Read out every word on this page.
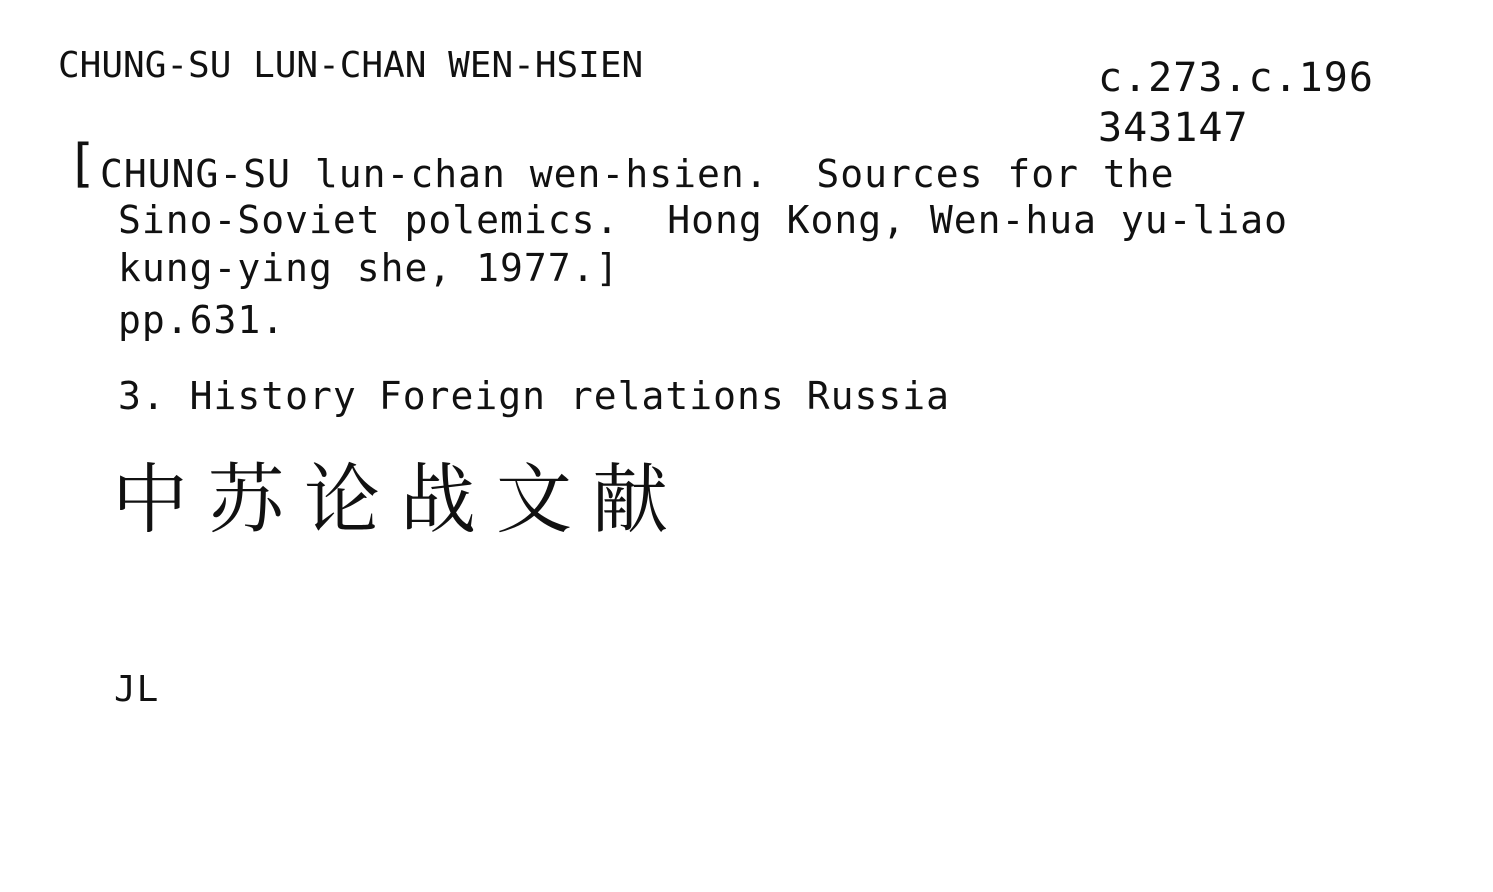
CHUNG-SU LUN-CHAN WEN-HSIEN	c.273.c.196
343147
[ CHUNG-SU lun-chan wen-hsien.  Sources for the
Sino-Soviet polemics.  Hong Kong, Wen-hua yu-liao
kung-ying she, 1977.]
pp.631.
3. History Foreign relations Russia
中苏论战文献
JL
